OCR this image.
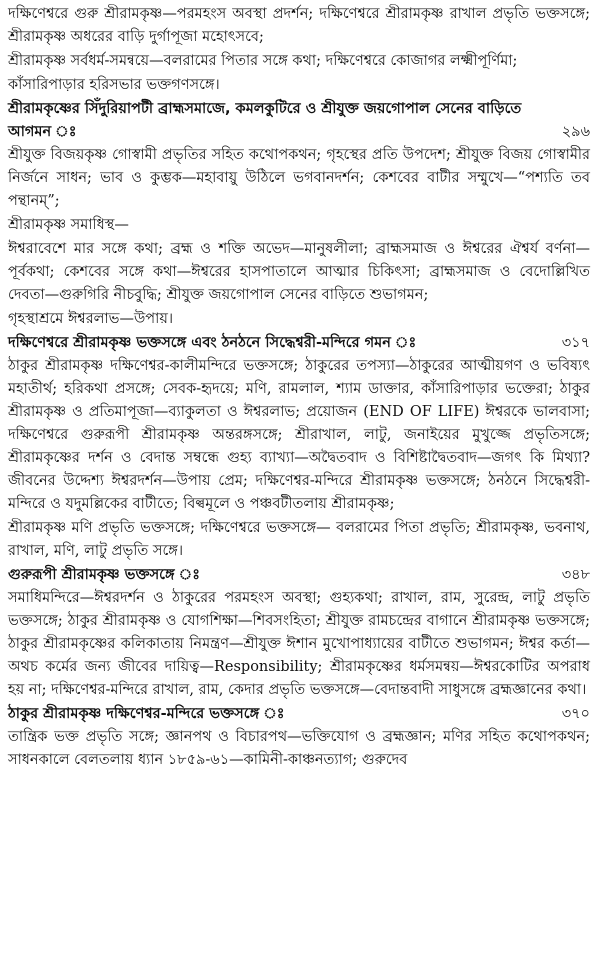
দক্ষিণেশ্বরে গুরু শ্রীরামকৃষ্ণ—পরমহংস অবস্থা প্রদর্শন; দক্ষিণেশ্বরে শ্রীরামকৃষ্ণ রাখাল প্রভৃতি ভক্তসঙ্গে; শ্রীরামকৃষ্ণ অধরের বাড়ি দুর্গাপূজা মহোৎসবে;

শ্রীরামকৃষ্ণ সর্বধর্ম-সমন্বয়ে—বলরামের পিতার সঙ্গে কথা; দক্ষিণেশ্বরে কোজাগর লক্ষ্মীপূর্ণিমা;

কাঁসারিপাড়ার হরিসভার ভক্তগণসঙ্গে।

শ্রীরামকৃষ্ণের সিঁদুরিয়াপটী ব্রাহ্মসমাজে, কমলকুটিরে ও শ্রীযুক্ত জয়গোপাল সেনের বাড়িতে আগমন ঃ	২৯৬

শ্রীযুক্ত বিজয়কৃষ্ণ গোস্বামী প্রভৃতির সহিত কথোপকথন; গৃহস্থের প্রতি উপদেশ; শ্রীযুক্ত বিজয় গোস্বামীর নির্জনে সাধন; ভাব ও কুম্ভক—মহাবায়ু উঠিলে ভগবানদর্শন; কেশবের বাটীর সম্মুখে—“পশ্যতি তব পন্থানম্”;

শ্রীরামকৃষ্ণ সমাধিস্থ—

ঈশ্বরাবেশে মার সঙ্গে কথা; ব্রহ্ম ও শক্তি অভেদ—মানুষলীলা; ব্রাহ্মসমাজ ও ঈশ্বরের ঐশ্বর্য বর্ণনা—পূর্বকথা; কেশবের সঙ্গে কথা—ঈশ্বরের হাসপাতালে আত্মার চিকিৎসা; ব্রাহ্মসমাজ ও বেদোল্লিখিত দেবতা—গুরুগিরি নীচবুদ্ধি; শ্রীযুক্ত জয়গোপাল সেনের বাড়িতে শুভাগমন;

গৃহস্থাশ্রমে ঈশ্বরলাভ—উপায়।

দক্ষিণেশ্বরে শ্রীরামকৃষ্ণ ভক্তসঙ্গে এবং ঠনঠনে সিদ্ধেশ্বরী-মন্দিরে গমন ঃ	৩১৭

ঠাকুর শ্রীরামকৃষ্ণ দক্ষিণেশ্বর-কালীমন্দিরে ভক্তসঙ্গে; ঠাকুরের তপস্যা—ঠাকুরের আত্মীয়গণ ও ভবিষ্যৎ মহাতীর্থ; হরিকথা প্রসঙ্গে; সেবক-হৃদয়ে; মণি, রামলাল, শ্যাম ডাক্তার, কাঁসারিপাড়ার ভক্তেরা; ঠাকুর শ্রীরামকৃষ্ণ ও প্রতিমাপূজা—ব্যাকুলতা ও ঈশ্বরলাভ; প্রয়োজন (END OF LIFE) ঈশ্বরকে ভালবাসা; দক্ষিণেশ্বরে গুরুরূপী শ্রীরামকৃষ্ণ অন্তরঙ্গসঙ্গে; শ্রীরাখাল, লাটু, জনাইয়ের মুখুজ্জে প্রভৃতিসঙ্গে; শ্রীরামকৃষ্ণের দর্শন ও বেদান্ত সম্বন্ধে গুহ্য ব্যাখ্যা—অদ্বৈতবাদ ও বিশিষ্টাদ্বৈতবাদ—জগৎ কি মিথ্যা? জীবনের উদ্দেশ্য ঈশ্বরদর্শন—উপায় প্রেম; দক্ষিণেশ্বর-মন্দিরে শ্রীরামকৃষ্ণ ভক্তসঙ্গে; ঠনঠনে সিদ্ধেশ্বরী-মন্দিরে ও যদুমল্লিকের বাটীতে; বিল্বমূলে ও পঞ্চবটীতলায় শ্রীরামকৃষ্ণ;

শ্রীরামকৃষ্ণ মণি প্রভৃতি ভক্তসঙ্গে; দক্ষিণেশ্বরে ভক্তসঙ্গে— বলরামের পিতা প্রভৃতি; শ্রীরামকৃষ্ণ, ভবনাথ, রাখাল, মণি, লাটু প্রভৃতি সঙ্গে।

গুরুরূপী শ্রীরামকৃষ্ণ ভক্তসঙ্গে ঃ	৩৪৮

সমাধিমন্দিরে—ঈশ্বরদর্শন ও ঠাকুরের পরমহংস অবস্থা; গুহ্যকথা; রাখাল, রাম, সুরেন্দ্র, লাটু প্রভৃতি ভক্তসঙ্গে; ঠাকুর শ্রীরামকৃষ্ণ ও যোগশিক্ষা—শিবসংহিতা; শ্রীযুক্ত রামচন্দ্রের বাগানে শ্রীরামকৃষ্ণ ভক্তসঙ্গে; ঠাকুর শ্রীরামকৃষ্ণের কলিকাতায় নিমন্ত্রণ—শ্রীযুক্ত ঈশান মুখোপাধ্যায়ের বাটীতে শুভাগমন; ঈশ্বর কর্তা—অথচ কর্মের জন্য জীবের দায়িত্ব—Responsibility; শ্রীরামকৃষ্ণের ধর্মসমন্বয়—ঈশ্বরকোটির অপরাধ হয় না; দক্ষিণেশ্বর-মন্দিরে রাখাল, রাম, কেদার প্রভৃতি ভক্তসঙ্গে—বেদান্তবাদী সাধুসঙ্গে ব্রহ্মজ্ঞানের কথা।

ঠাকুর শ্রীরামকৃষ্ণ দক্ষিণেশ্বর-মন্দিরে ভক্তসঙ্গে ঃ	৩৭০

তান্ত্রিক ভক্ত প্রভৃতি সঙ্গে; জ্ঞানপথ ও বিচারপথ—ভক্তিযোগ ও ব্রহ্মজ্ঞান; মণির সহিত কথোপকথন; সাধনকালে বেলতলায় ধ্যান ১৮৫৯-৬১—কামিনী-কাঞ্চনত্যাগ; গুরুদেব
